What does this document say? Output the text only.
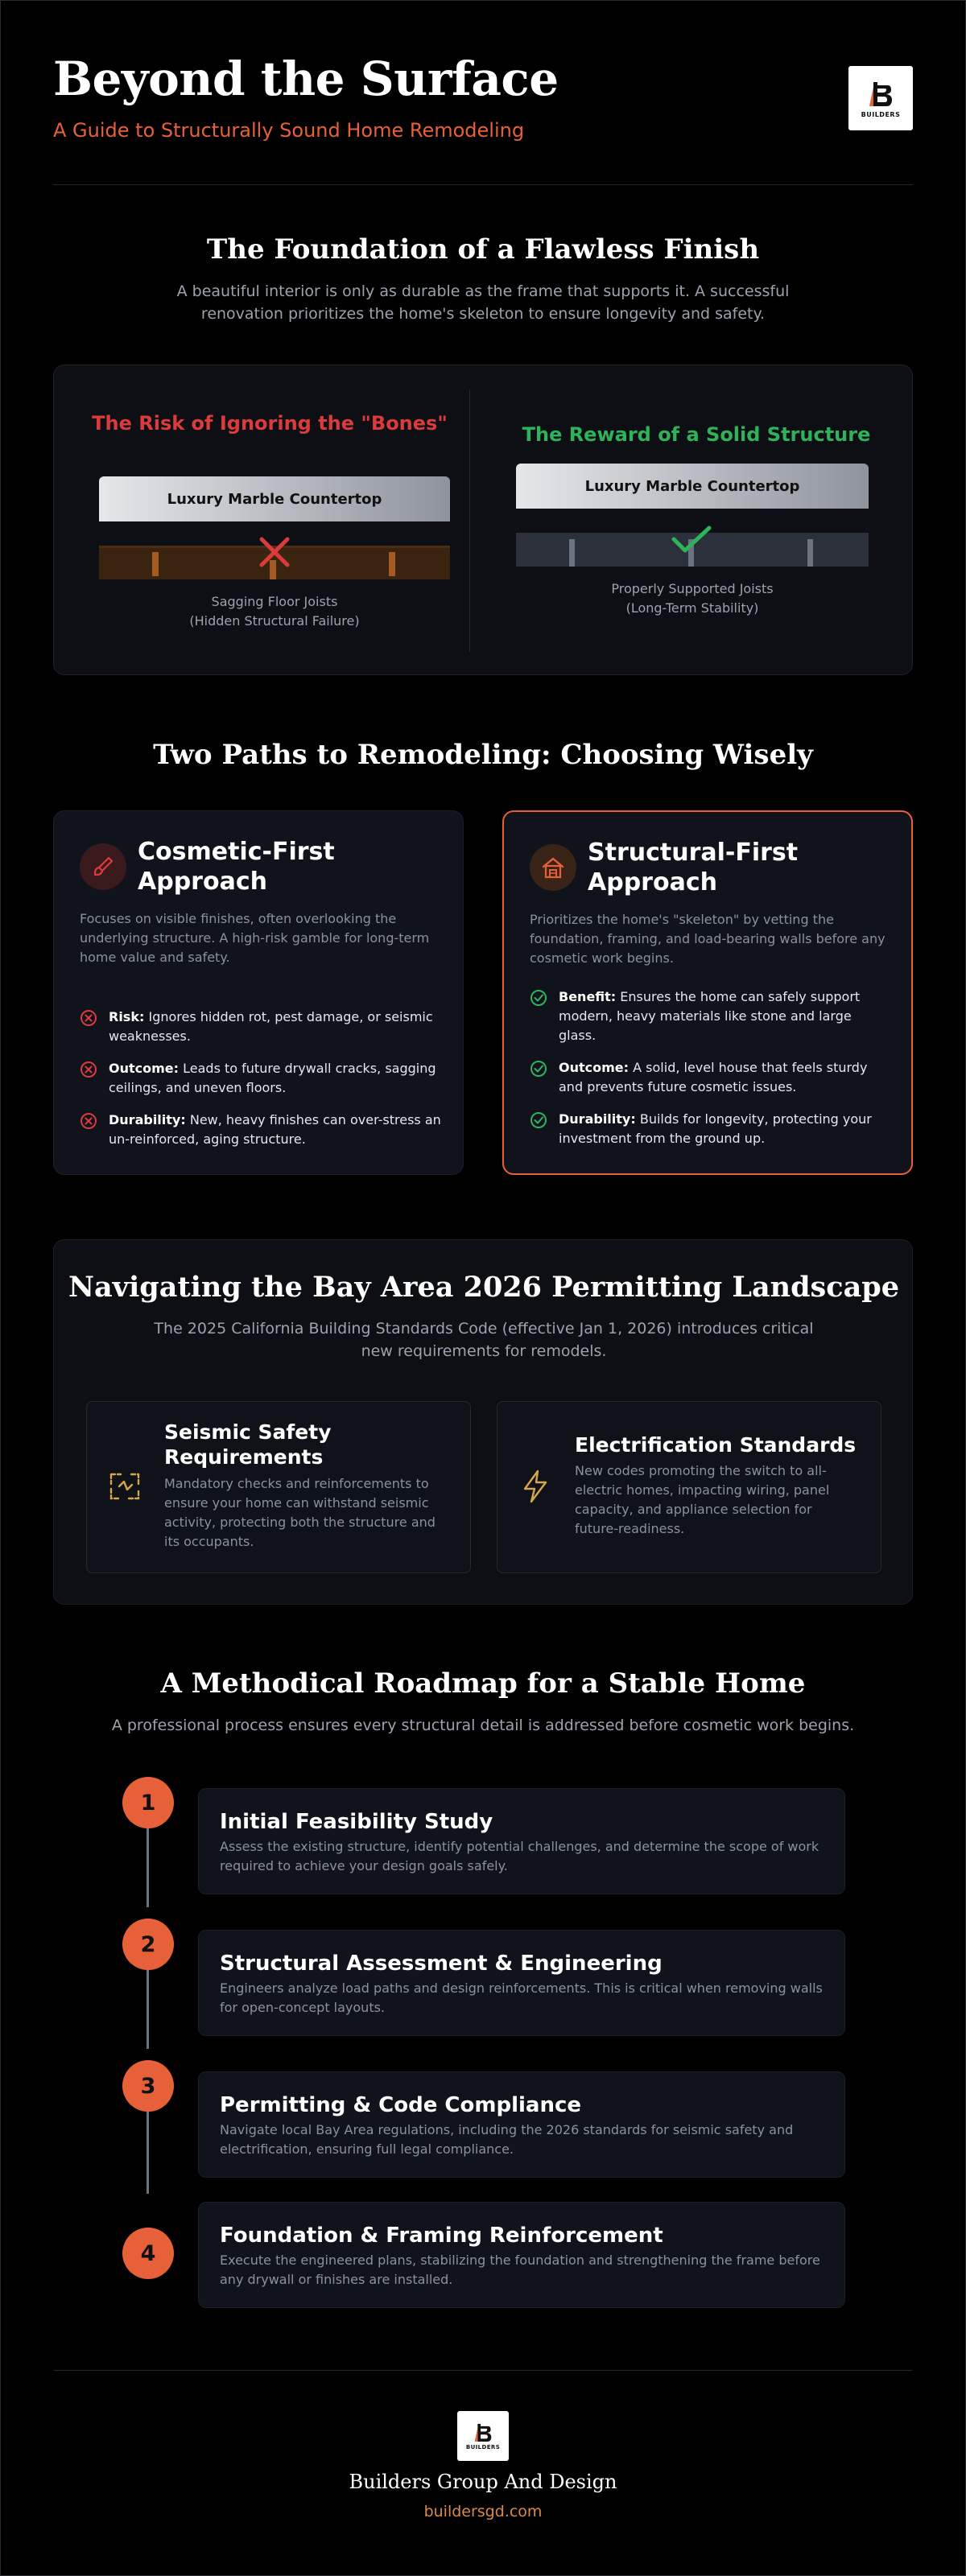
Beyond the Surface
A Guide to Structurally Sound Home Remodeling
BUILDERS
The Foundation of a Flawless Finish
A beautiful interior is only as durable as the frame that supports it. A successful renovation prioritizes the home's skeleton to ensure longevity and safety.
The Risk of Ignoring the "Bones"
Luxury Marble Countertop
Sagging Floor Joists
(Hidden Structural Failure)
The Reward of a Solid Structure
Luxury Marble Countertop
Properly Supported Joists
(Long-Term Stability)
Two Paths to Remodeling: Choosing Wisely
Cosmetic-First
Approach
Focuses on visible finishes, often overlooking the underlying structure. A high-risk gamble for long-term home value and safety.
Risk: Ignores hidden rot, pest damage, or seismic weaknesses.
Outcome: Leads to future drywall cracks, sagging ceilings, and uneven floors.
Durability: New, heavy finishes can over-stress an un-reinforced, aging structure.
Structural-First
Approach
Prioritizes the home's "skeleton" by vetting the foundation, framing, and load-bearing walls before any cosmetic work begins.
Benefit: Ensures the home can safely support modern, heavy materials like stone and large glass.
Outcome: A solid, level house that feels sturdy and prevents future cosmetic issues.
Durability: Builds for longevity, protecting your investment from the ground up.
Navigating the Bay Area 2026 Permitting Landscape
The 2025 California Building Standards Code (effective Jan 1, 2026) introduces critical new requirements for remodels.
Seismic Safety
Requirements
Mandatory checks and reinforcements to ensure your home can withstand seismic activity, protecting both the structure and its occupants.
Electrification Standards
New codes promoting the switch to all-electric homes, impacting wiring, panel capacity, and appliance selection for future-readiness.
A Methodical Roadmap for a Stable Home
A professional process ensures every structural detail is addressed before cosmetic work begins.
1
Initial Feasibility Study
Assess the existing structure, identify potential challenges, and determine the scope of work required to achieve your design goals safely.
2
Structural Assessment & Engineering
Engineers analyze load paths and design reinforcements. This is critical when removing walls for open-concept layouts.
3
Permitting & Code Compliance
Navigate local Bay Area regulations, including the 2026 standards for seismic safety and electrification, ensuring full legal compliance.
4
Foundation & Framing Reinforcement
Execute the engineered plans, stabilizing the foundation and strengthening the frame before any drywall or finishes are installed.
BUILDERS
Builders Group And Design
buildersgd.com
